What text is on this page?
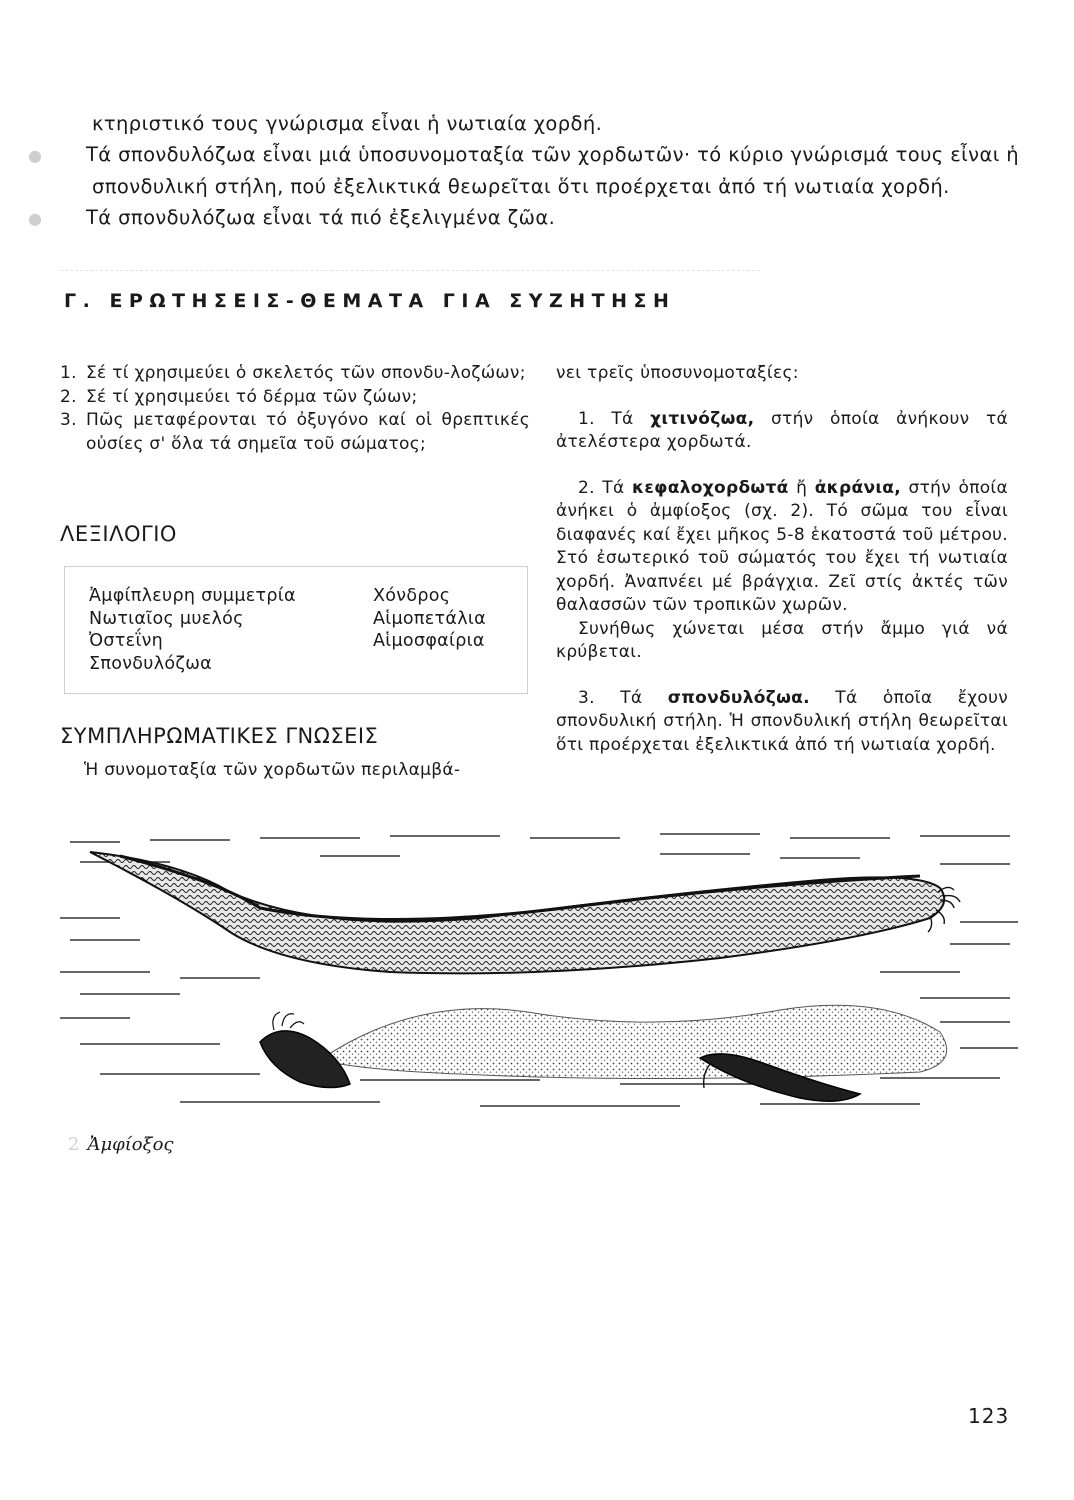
κτηριστικό τους γνώρισμα εἶναι ἡ νωτιαία χορδή.

● Τά σπονδυλόζωα εἶναι μιά ὑποσυνομοταξία τῶν χορδωτῶν· τό κύριο γνώρισμά τους εἶναι ἡ σπονδυλική στήλη, πού ἐξελικτικά θεωρεῖται ὅτι προέρχεται ἀπό τή νωτιαία χορδή.

● Τά σπονδυλόζωα εἶναι τά πιό ἐξελιγμένα ζῶα.

Γ. ΕΡΩΤΗΣΕΙΣ-ΘΕΜΑΤΑ ΓΙΑ ΣΥΖΗΤΗΣΗ
1. Σέ τί χρησιμεύει ὁ σκελετός τῶν σπονδυ-λοζώων;
2. Σέ τί χρησιμεύει τό δέρμα τῶν ζώων;
3. Πῶς μεταφέρονται τό ὀξυγόνο καί οἱ θρεπτικές οὐσίες σ' ὅλα τά σημεῖα τοῦ σώματος;
ΛΕΞΙΛΟΓΙΟ
Ἀμφίπλευρη συμμετρία
Νωτιαῖος μυελός
Ὀστεΐνη
Σπονδυλόζωα
Χόνδρος
Αἱμοπετάλια
Αἱμοσφαίρια
ΣΥΜΠΛΗΡΩΜΑΤΙΚΕΣ ΓΝΩΣΕΙΣ
Ἡ συνομοταξία τῶν χορδωτῶν περιλαμβά-

νει τρεῖς ὑποσυνομοταξίες:

1. Τά χιτινόζωα, στήν ὁποία ἀνήκουν τά ἀτελέστερα χορδωτά.

2. Τά κεφαλοχορδωτά ἤ ἀκράνια, στήν ὁποία ἀνήκει ὁ ἀμφίοξος (σχ. 2). Τό σῶμα του εἶναι διαφανές καί ἔχει μῆκος 5-8 ἑκατοστά τοῦ μέτρου. Στό ἐσωτερικό τοῦ σώματός του ἔχει τή νωτιαία χορδή. Ἀναπνέει μέ βράγχια. Ζεῖ στίς ἀκτές τῶν θαλασσῶν τῶν τροπικῶν χωρῶν.

Συνήθως χώνεται μέσα στήν ἄμμο γιά νά κρύβεται.

3. Τά σπονδυλόζωα. Τά ὁποῖα ἔχουν σπονδυλική στήλη. Ἡ σπονδυλική στήλη θεωρεῖται ὅτι προέρχεται ἐξελικτικά ἀπό τή νωτιαία χορδή.

2 Ἀμφίοξος
123
